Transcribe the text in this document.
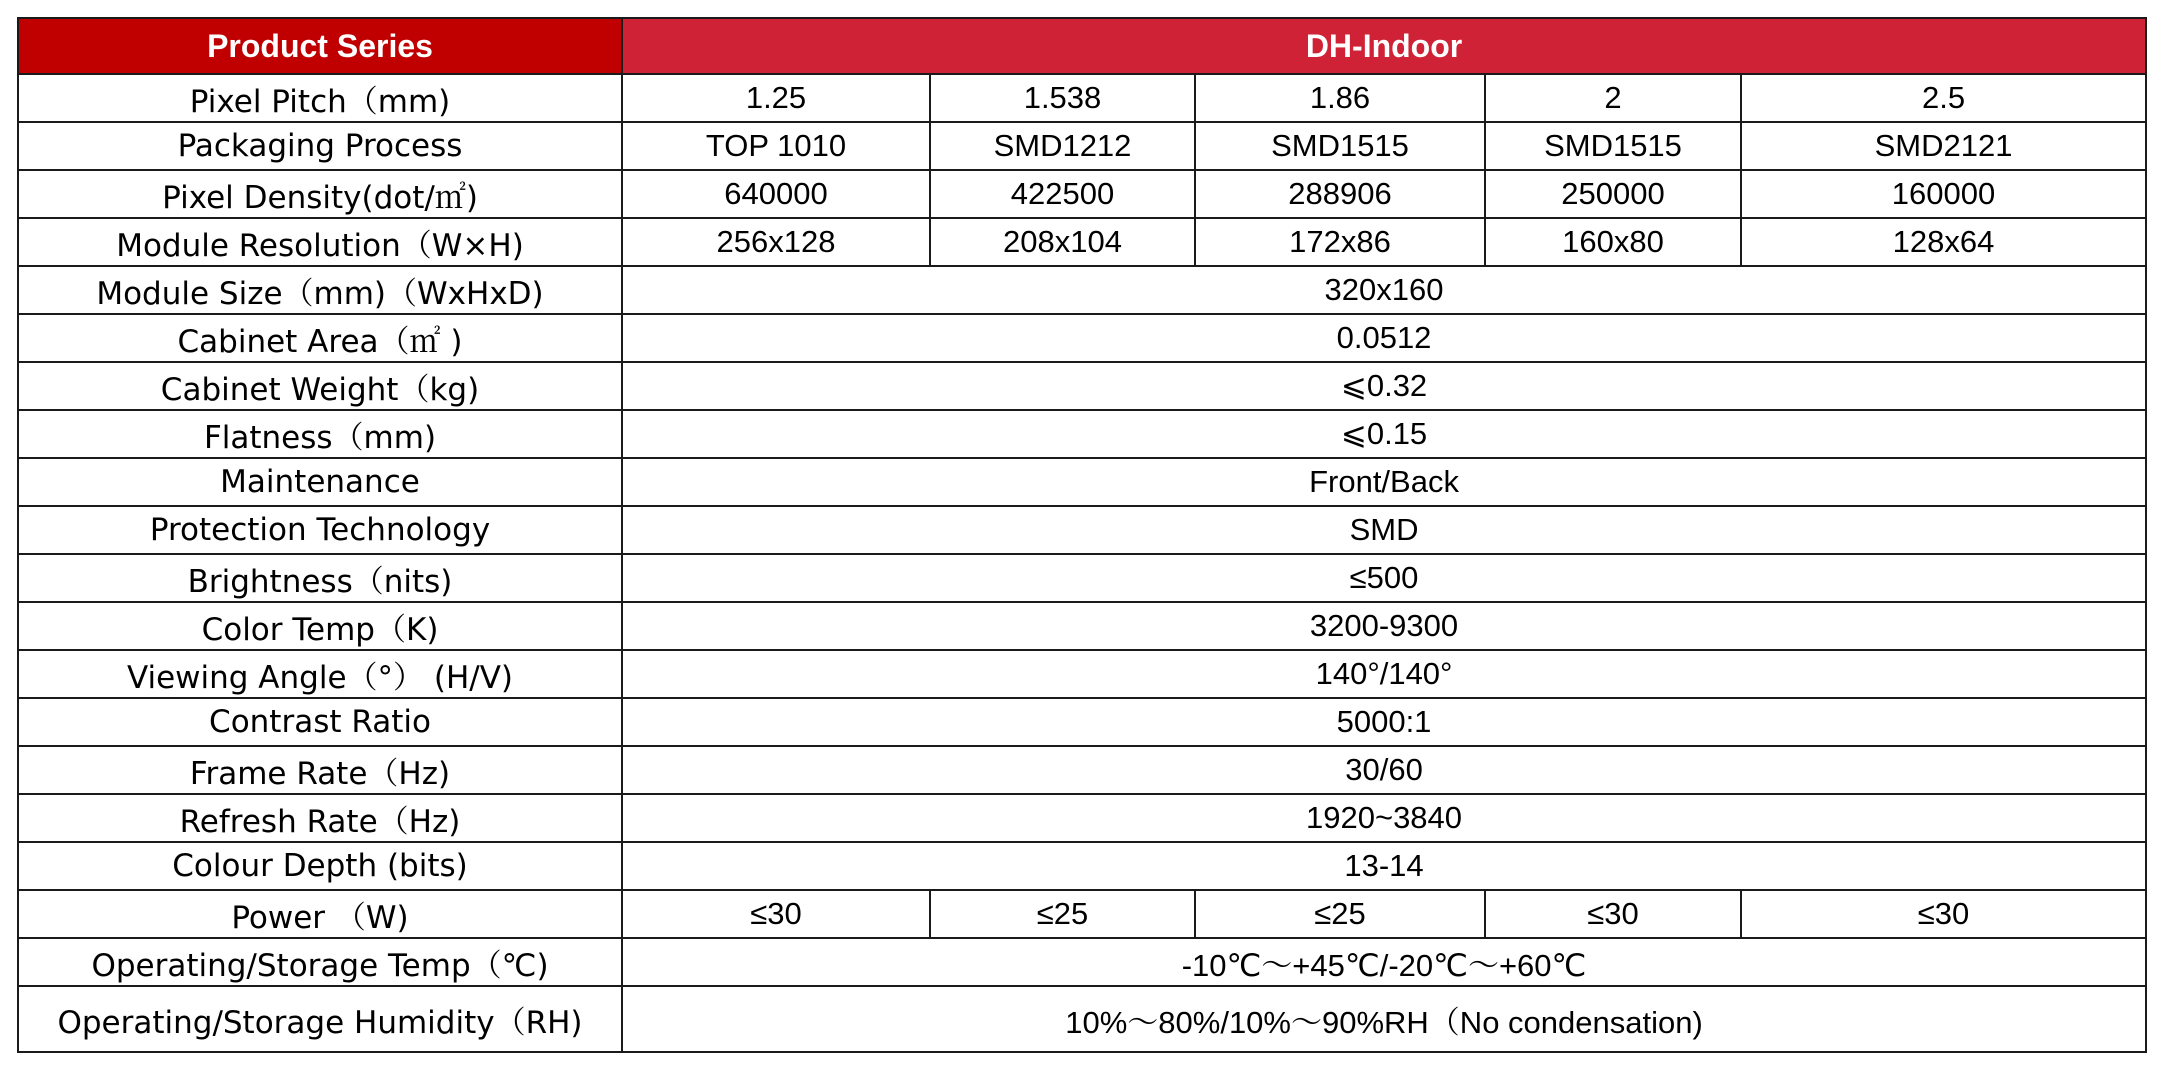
Product Series	DH-Indoor				
Pixel Pitch（mm)	1.25	1.538	1.86	2	2.5
Packaging Process	TOP 1010	SMD1212	SMD1515	SMD1515	SMD2121
Pixel Density(dot/㎡)	640000	422500	288906	250000	160000
Module Resolution（W×H)	256x128	208x104	172x86	160x80	128x64
Module Size（mm)（WxHxD)	320x160				
Cabinet Area（㎡ )	0.0512				
Cabinet Weight（kg)	⩽0.32				
Flatness（mm)	⩽0.15				
Maintenance	Front/Back				
Protection Technology	SMD				
Brightness（nits)	≤500				
Color Temp（K)	3200-9300				
Viewing Angle（°） (H/V)	140°/140°				
Contrast Ratio	5000:1				
Frame Rate（Hz)	30/60				
Refresh Rate（Hz)	1920~3840				
Colour Depth (bits)	13-14				
Power （W)	≤30	≤25	≤25	≤30	≤30
Operating/Storage Temp（℃)	-10℃～+45℃/-20℃～+60℃				
Operating/Storage Humidity（RH)	10%～80%/10%～90%RH（No condensation)				
